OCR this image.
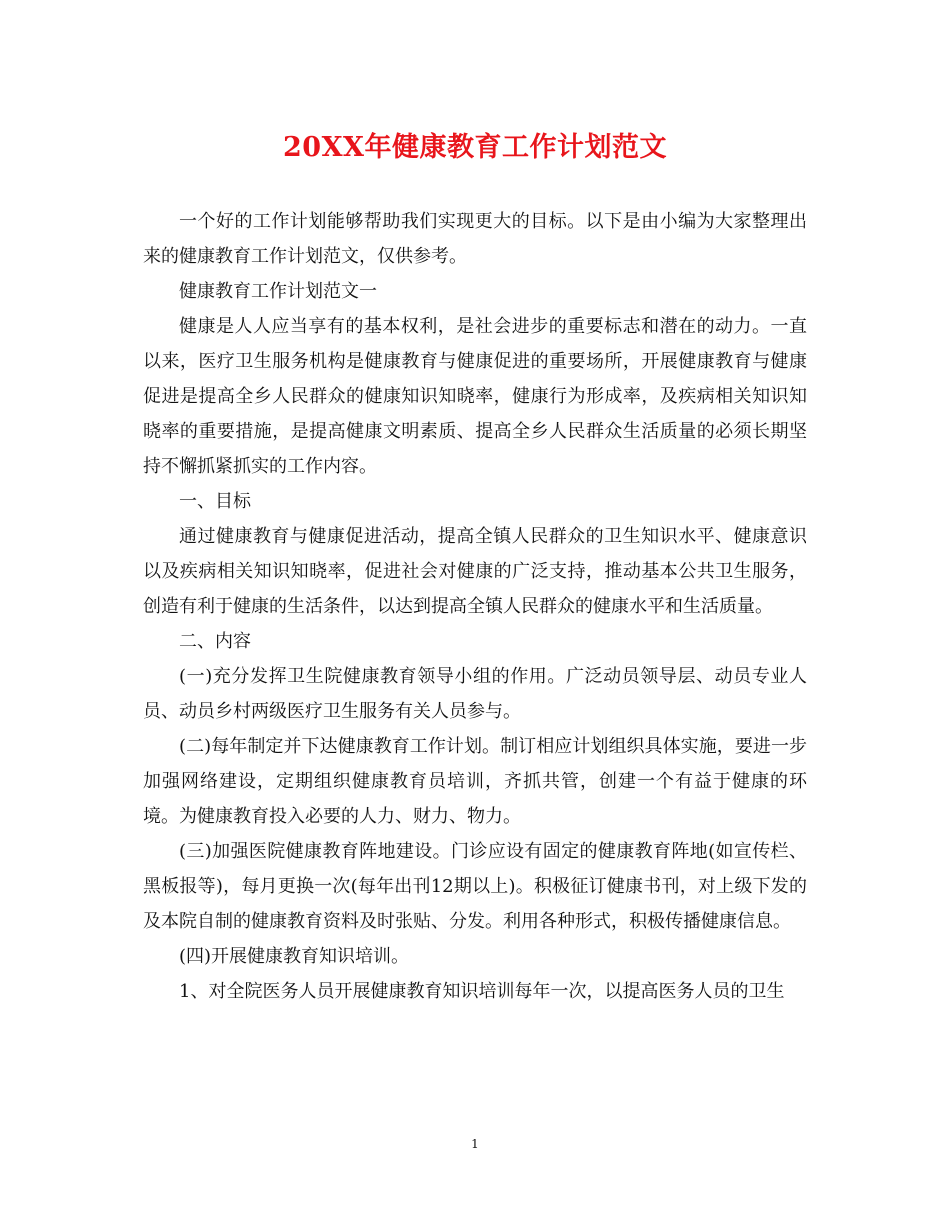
20XX年健康教育工作计划范文

一个好的工作计划能够帮助我们实现更大的目标。以下是由小编为大家整理出来的健康教育工作计划范文，仅供参考。

健康教育工作计划范文一

健康是人人应当享有的基本权利，是社会进步的重要标志和潜在的动力。一直以来，医疗卫生服务机构是健康教育与健康促进的重要场所，开展健康教育与健康促进是提高全乡人民群众的健康知识知晓率，健康行为形成率，及疾病相关知识知晓率的重要措施，是提高健康文明素质、提高全乡人民群众生活质量的必须长期坚持不懈抓紧抓实的工作内容。

一、目标

通过健康教育与健康促进活动，提高全镇人民群众的卫生知识水平、健康意识以及疾病相关知识知晓率，促进社会对健康的广泛支持，推动基本公共卫生服务，创造有利于健康的生活条件，以达到提高全镇人民群众的健康水平和生活质量。

二、内容

(一)充分发挥卫生院健康教育领导小组的作用。广泛动员领导层、动员专业人员、动员乡村两级医疗卫生服务有关人员参与。

(二)每年制定并下达健康教育工作计划。制订相应计划组织具体实施，要进一步加强网络建设，定期组织健康教育员培训，齐抓共管，创建一个有益于健康的环境。为健康教育投入必要的人力、财力、物力。

(三)加强医院健康教育阵地建设。门诊应设有固定的健康教育阵地(如宣传栏、黑板报等)，每月更换一次(每年出刊12期以上)。积极征订健康书刊，对上级下发的及本院自制的健康教育资料及时张贴、分发。利用各种形式，积极传播健康信息。

(四)开展健康教育知识培训。

1、对全院医务人员开展健康教育知识培训每年一次，以提高医务人员的卫生

1
